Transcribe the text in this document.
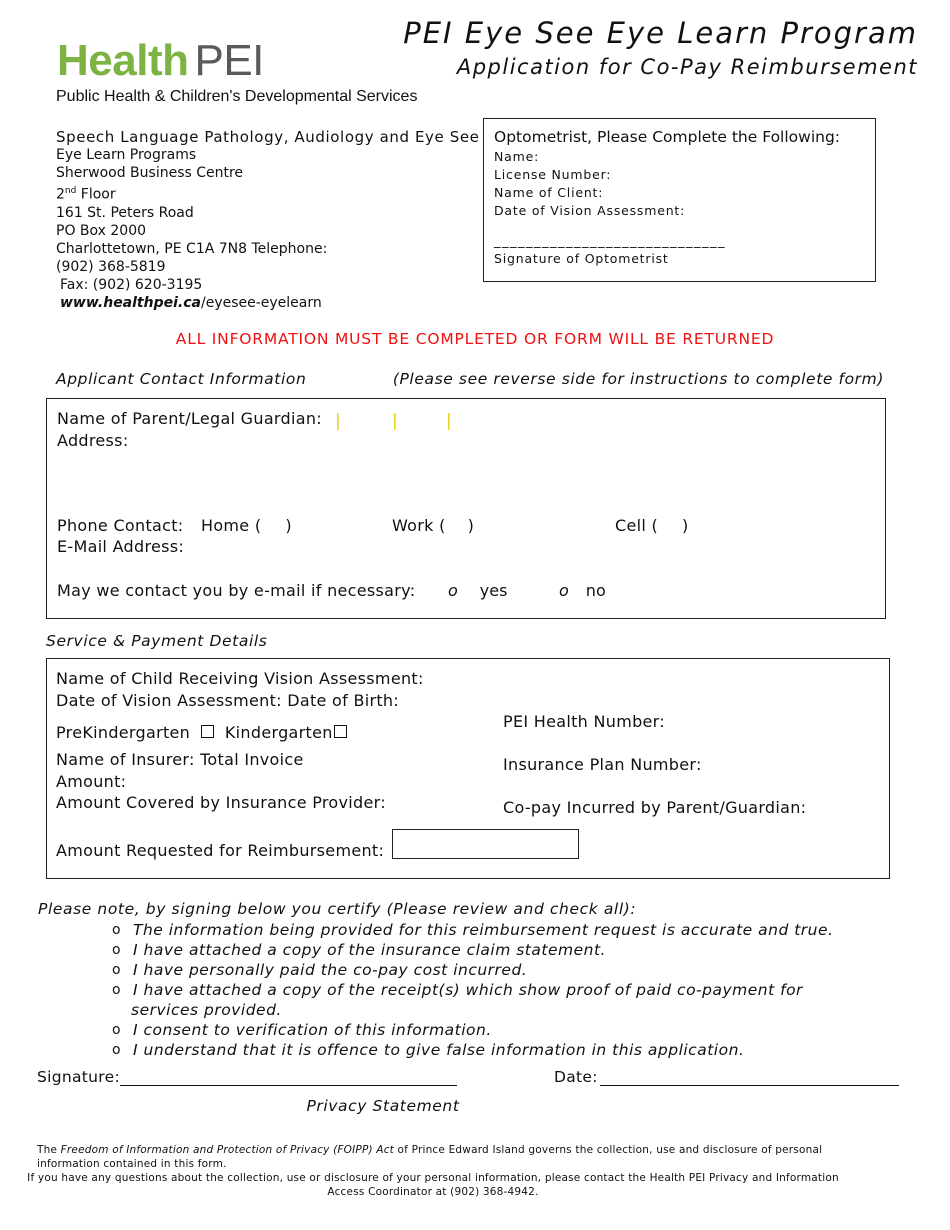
Health PEI
Public Health & Children's Developmental Services
PEI Eye See Eye Learn Program
Application for Co-Pay Reimbursement
Speech Language Pathology, Audiology and Eye See
Eye Learn Programs
Sherwood Business Centre
2nd Floor
161 St. Peters Road
PO Box 2000
Charlottetown, PE C1A 7N8 Telephone:
(902) 368-5819
Fax: (902) 620-3195
www.healthpei.ca/eyesee-eyelearn
Optometrist, Please Complete the Following:
Name:
License Number:
Name of Client:
Date of Vision Assessment:
_____________________________
Signature of Optometrist
ALL INFORMATION MUST BE COMPLETED OR FORM WILL BE RETURNED
Applicant Contact Information	(Please see reverse side for instructions to complete form)
Name of Parent/Legal Guardian: |	|	|
Address:
Phone Contact: Home ( )	Work ( )	Cell ( )
E-Mail Address:
May we contact you by e-mail if necessary: o yes	o no
Service & Payment Details
Name of Child Receiving Vision Assessment:
Date of Vision Assessment: Date of Birth:
PreKindergarten Kindergarten
Name of Insurer: Total Invoice
Amount:
Amount Covered by Insurance Provider:
Amount Requested for Reimbursement:
PEI Health Number:
Insurance Plan Number:
Co-pay Incurred by Parent/Guardian:
Please note, by signing below you certify (Please review and check all):
o The information being provided for this reimbursement request is accurate and true.
o I have attached a copy of the insurance claim statement.
o I have personally paid the co-pay cost incurred.
o I have attached a copy of the receipt(s) which show proof of paid co-payment for
services provided.
o I consent to verification of this information.
o I understand that it is offence to give false information in this application.
Signature:	Date:
Privacy Statement
The Freedom of Information and Protection of Privacy (FOIPP) Act of Prince Edward Island governs the collection, use and disclosure of personal
information contained in this form.
If you have any questions about the collection, use or disclosure of your personal information, please contact the Health PEI Privacy and Information
Access Coordinator at (902) 368-4942.
